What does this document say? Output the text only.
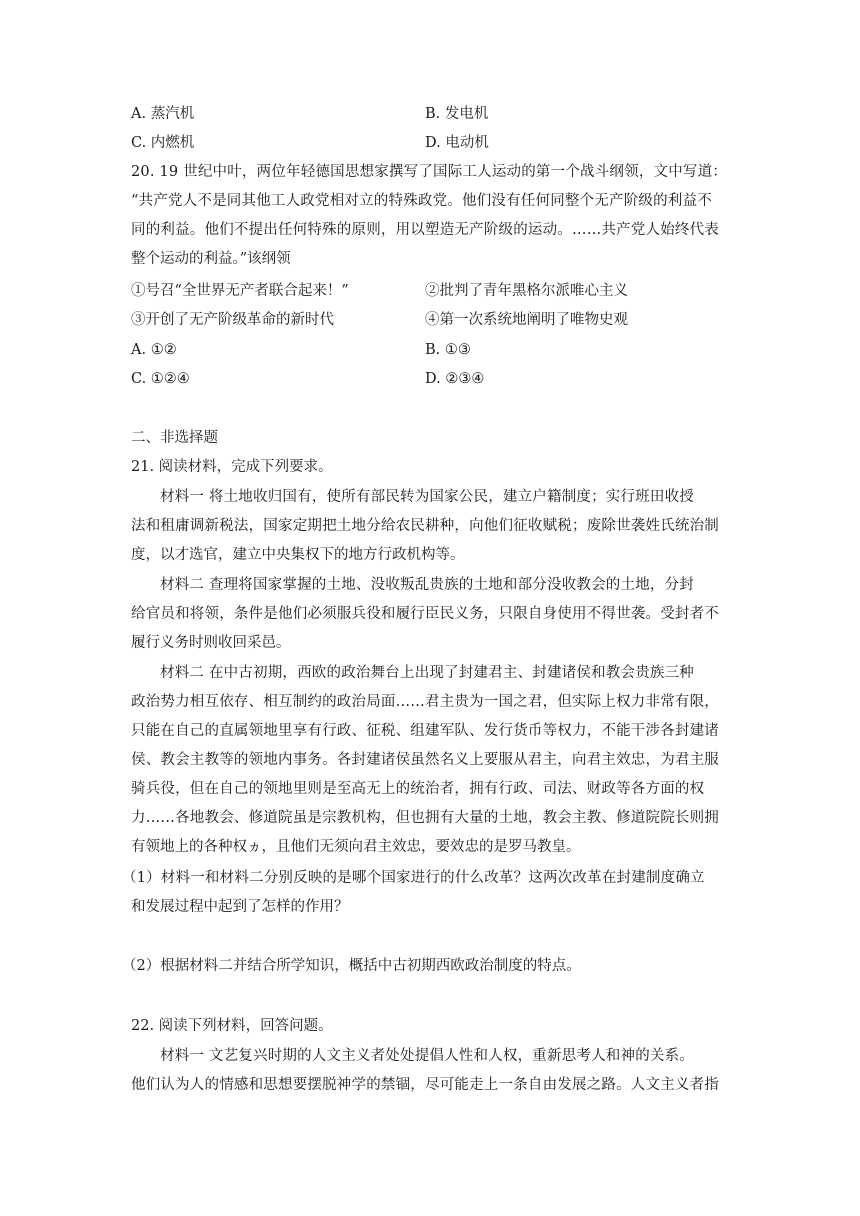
A. 蒸汽机	B. 发电机
C. 内燃机	D. 电动机
20. 19 世纪中叶，两位年轻德国思想家撰写了国际工人运动的第一个战斗纲领，文中写道：
“共产党人不是同其他工人政党相对立的特殊政党。他们没有任何同整个无产阶级的利益不
同的利益。他们不提出任何特殊的原则，用以塑造无产阶级的运动。……共产党人始终代表
整个运动的利益。”该纲领
①号召“全世界无产者联合起来！”	②批判了青年黑格尔派唯心主义
③开创了无产阶级革命的新时代	④第一次系统地阐明了唯物史观
A. ①②	B. ①③
C. ①②④	D. ②③④
二、非选择题
21. 阅读材料，完成下列要求。
材料一 将土地收归国有，使所有部民转为国家公民，建立户籍制度；实行班田收授
法和租庸调新税法，国家定期把土地分给农民耕种，向他们征收赋税；废除世袭姓氏统治制
度，以才选官，建立中央集权下的地方行政机构等。
材料二 查理将国家掌握的土地、没收叛乱贵族的土地和部分没收教会的土地，分封
给官员和将领，条件是他们必须服兵役和履行臣民义务，只限自身使用不得世袭。受封者不
履行义务时则收回采邑。
材料二 在中古初期，西欧的政治舞台上出现了封建君主、封建诸侯和教会贵族三种
政治势力相互依存、相互制约的政治局面……君主贵为一国之君，但实际上权力非常有限，
只能在自己的直属领地里享有行政、征税、组建军队、发行货币等权力，不能干涉各封建诸
侯、教会主教等的领地内事务。各封建诸侯虽然名义上要服从君主，向君主效忠，为君主服
骑兵役，但在自己的领地里则是至高无上的统治者，拥有行政、司法、财政等各方面的权
力……各地教会、修道院虽是宗教机构，但也拥有大量的土地，教会主教、修道院院长则拥
有领地上的各种权ヵ，且他们无须向君主效忠，要效忠的是罗马教皇。
（1）材料一和材料二分别反映的是哪个国家进行的什么改革？这两次改革在封建制度确立
和发展过程中起到了怎样的作用？
（2）根据材料二并结合所学知识，概括中古初期西欧政治制度的特点。
22. 阅读下列材料，回答问题。
材料一 文艺复兴时期的人文主义者处处提倡人性和人权，重新思考人和神的关系。
他们认为人的情感和思想要摆脱神学的禁锢，尽可能走上一条自由发展之路。人文主义者指
